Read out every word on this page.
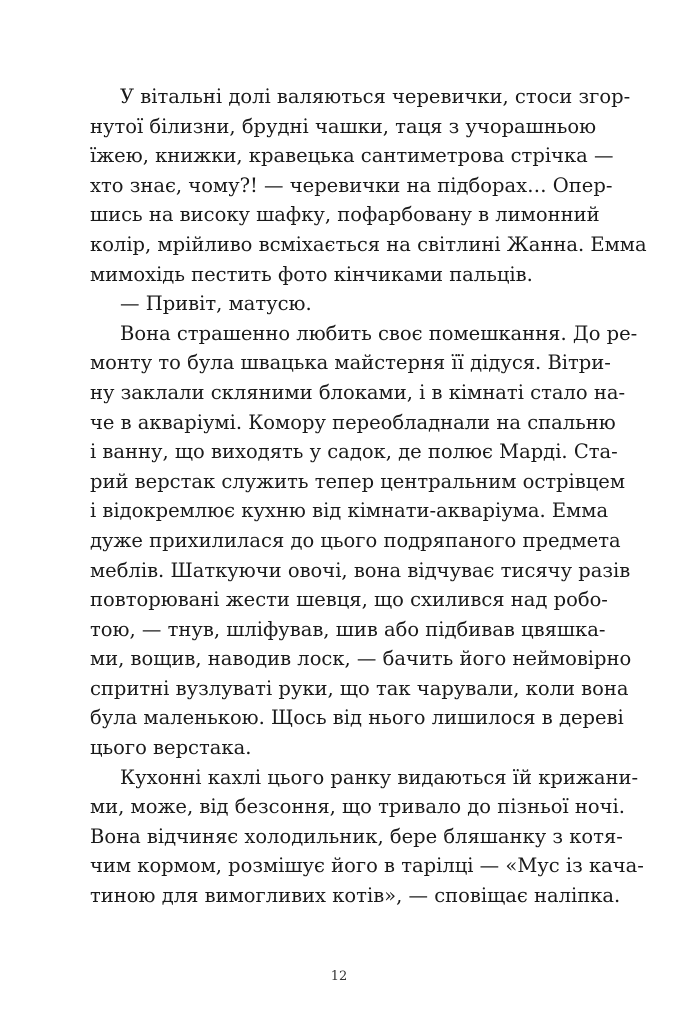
У вітальні долі валяються черевички, стоси згор-
нутої білизни, брудні чашки, таця з учорашньою
їжею, книжки, кравецька сантиметрова стрічка —
хто знає, чому?! — черевички на підборах… Опер-
шись на високу шафку, пофарбовану в лимонний
колір, мрійливо всміхається на світлині Жанна. Емма
мимохідь пестить фото кінчиками пальців.
— Привіт, матусю.
Вона страшенно любить своє помешкання. До ре-
монту то була швацька майстерня її дідуся. Вітри-
ну заклали скляними блоками, і в кімнаті стало на-
че в акваріумі. Комору переобладнали на спальню
і ванну, що виходять у садок, де полює Марді. Ста-
рий верстак служить тепер центральним острівцем
і відокремлює кухню від кімнати-акваріума. Емма
дуже прихилилася до цього подряпаного предмета
меблів. Шаткуючи овочі, вона відчуває тисячу разів
повторювані жести шевця, що схилився над робо-
тою, — тнув, шліфував, шив або підбивав цвяшка-
ми, вощив, наводив лоск, — бачить його неймовірно
спритні вузлуваті руки, що так чарували, коли вона
була маленькою. Щось від нього лишилося в дереві
цього верстака.
Кухонні кахлі цього ранку видаються їй крижани-
ми, може, від безсоння, що тривало до пізньої ночі.
Вона відчиняє холодильник, бере бляшанку з котя-
чим кормом, розмішує його в тарілці — «Мус із кача-
тиною для вимогливих котів», — сповіщає наліпка.
12
